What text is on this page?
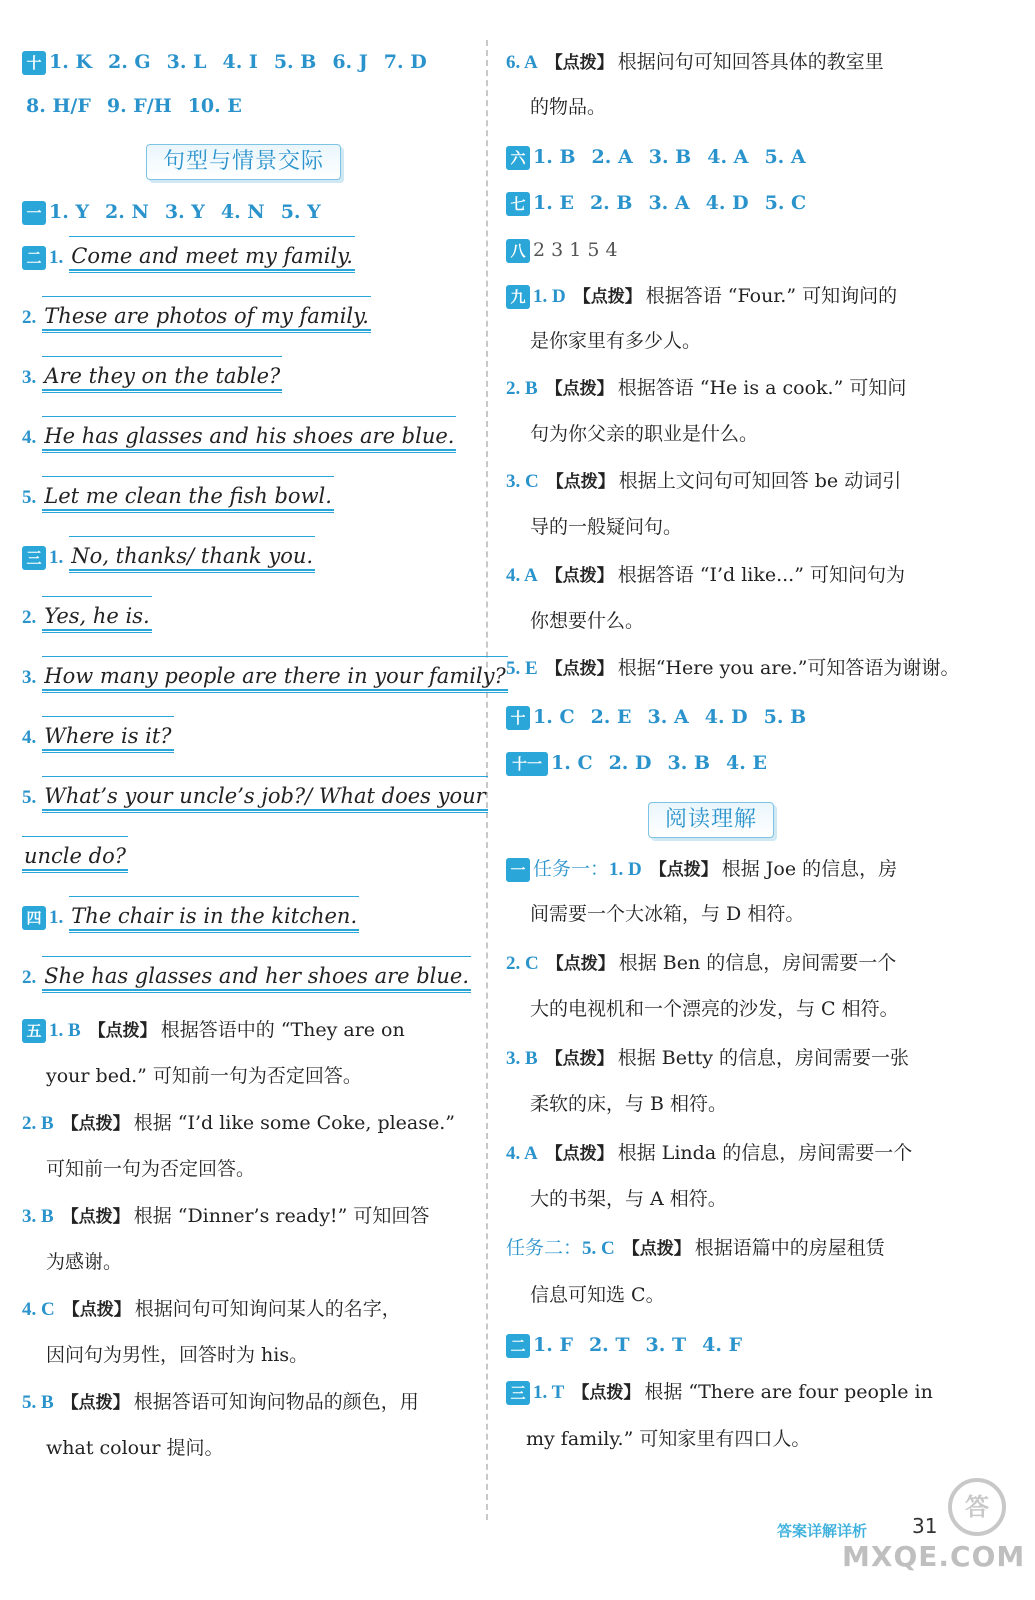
十 1. K 2. G 3. L 4. I 5. B 6. J 7. D
8. H/F 9. F/H 10. E
句型与情景交际
一 1. Y 2. N 3. Y 4. N 5. Y
二 1. Come and meet my family.
2. These are photos of my family.
3. Are they on the table?
4. He has glasses and his shoes are blue.
5. Let me clean the fish bowl.
三 1. No, thanks/ thank you.
2. Yes, he is.
3. How many people are there in your family?
4. Where is it?
5. What’s your uncle’s job?/ What does your
uncle do?
四 1. The chair is in the kitchen.
2. She has glasses and her shoes are blue.
五 1. B 【点拨】 根据答语中的 “They are on
your bed.” 可知前一句为否定回答。
2. B 【点拨】 根据 “I’d like some Coke, please.”
可知前一句为否定回答。
3. B 【点拨】 根据 “Dinner’s ready!” 可知回答
为感谢。
4. C 【点拨】 根据问句可知询问某人的名字，
因问句为男性，回答时为 his。
5. B 【点拨】 根据答语可知询问物品的颜色，用
what colour 提问。
6. A 【点拨】 根据问句可知回答具体的教室里
的物品。
六 1. B 2. A 3. B 4. A 5. A
七 1. E 2. B 3. A 4. D 5. C
八 2 3 1 5 4
九 1. D 【点拨】 根据答语 “Four.” 可知询问的
是你家里有多少人。
2. B 【点拨】 根据答语 “He is a cook.” 可知问
句为你父亲的职业是什么。
3. C 【点拨】 根据上文问句可知回答 be 动词引
导的一般疑问句。
4. A 【点拨】 根据答语 “I’d like...” 可知问句为
你想要什么。
5. E 【点拨】 根据“Here you are.”可知答语为谢谢。
十 1. C 2. E 3. A 4. D 5. B
十一 1. C 2. D 3. B 4. E
阅读理解
一 任务一：1. D 【点拨】 根据 Joe 的信息，房
间需要一个大冰箱，与 D 相符。
2. C 【点拨】 根据 Ben 的信息，房间需要一个
大的电视机和一个漂亮的沙发，与 C 相符。
3. B 【点拨】 根据 Betty 的信息，房间需要一张
柔软的床，与 B 相符。
4. A 【点拨】 根据 Linda 的信息，房间需要一个
大的书架，与 A 相符。
任务二：5. C 【点拨】 根据语篇中的房屋租赁
信息可知选 C。
二 1. F 2. T 3. T 4. F
三 1. T 【点拨】 根据 “There are four people in
my family.” 可知家里有四口人。
答案详解详析 31
答
MXQE.COM
